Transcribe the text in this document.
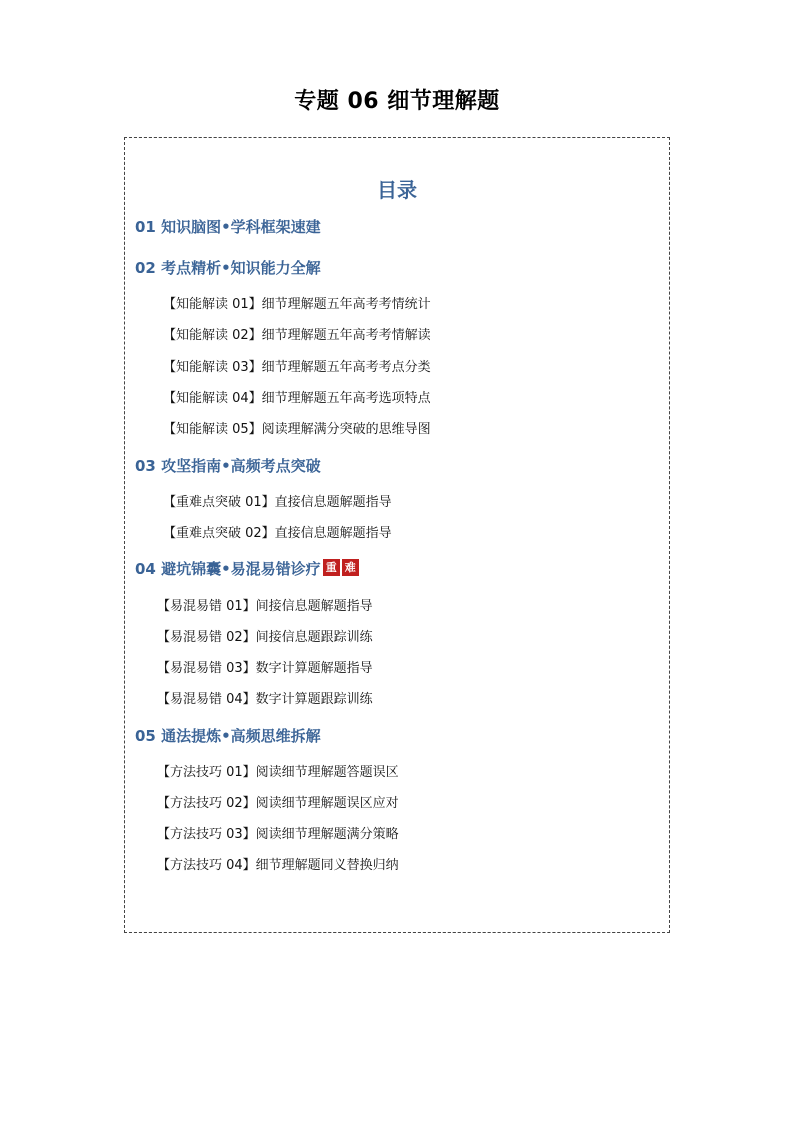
专题 06 细节理解题
目录
01 知识脑图•学科框架速建
02 考点精析•知识能力全解
【知能解读 01】细节理解题五年高考考情统计
【知能解读 02】细节理解题五年高考考情解读
【知能解读 03】细节理解题五年高考考点分类
【知能解读 04】细节理解题五年高考选项特点
【知能解读 05】阅读理解满分突破的思维导图
03 攻坚指南•高频考点突破
【重难点突破 01】直接信息题解题指导
【重难点突破 02】直接信息题解题指导
04 避坑锦囊•易混易错诊疗 重 难
【易混易错 01】间接信息题解题指导
【易混易错 02】间接信息题跟踪训练
【易混易错 03】数字计算题解题指导
【易混易错 04】数字计算题跟踪训练
05 通法提炼•高频思维拆解
【方法技巧 01】阅读细节理解题答题误区
【方法技巧 02】阅读细节理解题误区应对
【方法技巧 03】阅读细节理解题满分策略
【方法技巧 04】细节理解题同义替换归纳
